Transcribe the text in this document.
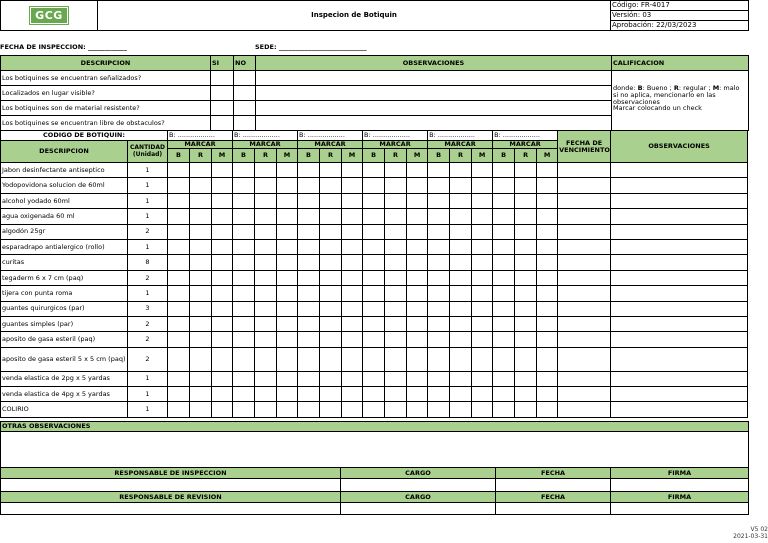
GCG	Inspecion de Botiquin	Código: FR-4017
Versión: 03
Aprobación: 22/03/2023
FECHA DE INSPECCION: ____________	SEDE: ___________________________
DESCRIPCION	SI	NO	OBSERVACIONES	CALIFICACION
Los botiquines se encuentran señalizados?				donde: B: Bueno ; R: regular ; M: malo
si no aplica, mencionarlo en las observaciones
Marcar colocando un check
Localizados en lugar visible?				
Los botiquines son de material resistente?				
Los botiquines se encuentran libre de obstaculos?				
CODIGO DE BOTIQUIN:		B: ..................			B: ..................			B: ..................			B: ..................			B: ..................			B: ..................			FECHA DE VENCIMIENTO	OBSERVACIONES
DESCRIPCION	CANTIDAD (Unidad)	MARCAR			MARCAR			MARCAR			MARCAR			MARCAR			MARCAR				
		B	R	M	B	R	M	B	R	M	B	R	M	B	R	M	B	R	M		
Jabon desinfectante antiseptico	1																				
Yodopovidona solucion de 60ml	1																				
alcohol yodado 60ml	1																				
agua oxigenada 60 ml	1																				
algodón 25gr	2																				
esparadrapo antialergico (rollo)	1																				
curitas	8																				
tegaderm 6 x 7 cm (paq)	2																				
tijera con punta roma	1																				
guantes quirurgicos (par)	3																				
guantes simples (par)	2																				
aposito de gasa esteril (paq)	2																				
aposito de gasa esteril 5 x 5 cm (paq)	2																				
venda elastica de 2pg x 5 yardas	1																				
venda elastica de 4pg x 5 yardas	1																				
COLIRIO	1																				
OTRAS OBSERVACIONES			

RESPONSABLE DE INSPECCION	CARGO	FECHA	FIRMA

RESPONSABLE DE REVISION	CARGO	FECHA	FIRMA

V5 02
2021-03-31
